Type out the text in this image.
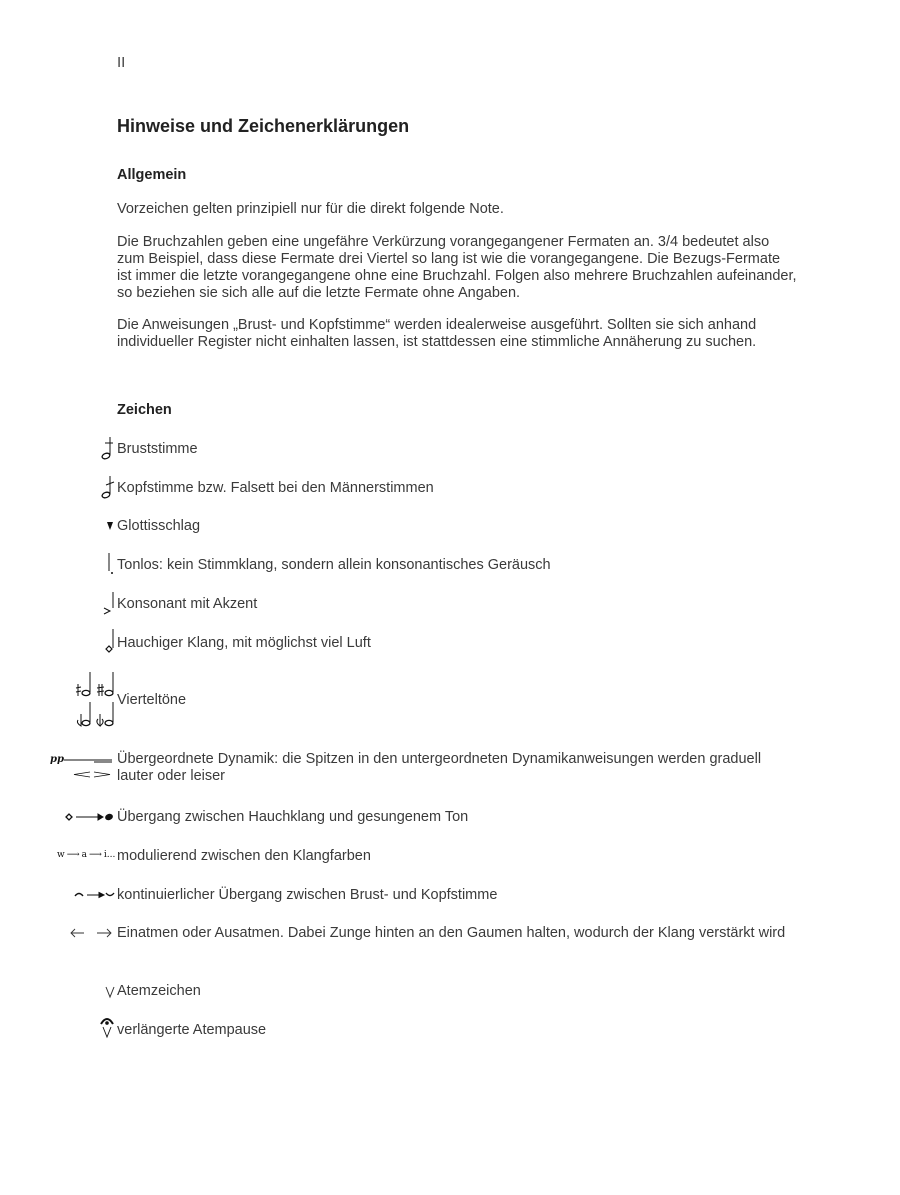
II
Hinweise und Zeichenerklärungen
Allgemein
Vorzeichen gelten prinzipiell nur für die direkt folgende Note.
Die Bruchzahlen geben eine ungefähre Verkürzung vorangegangener Fermaten an. 3/4 bedeutet also zum Beispiel, dass diese Fermate drei Viertel so lang ist wie die vorangegangene. Die Bezugs-Fermate ist immer die letzte vorangegangene ohne eine Bruchzahl. Folgen also mehrere Bruchzahlen aufeinander, so beziehen sie sich alle auf die letzte Fermate ohne Angaben.
Die Anweisungen „Brust- und Kopfstimme“ werden idealerweise ausgeführt. Sollten sie sich anhand individueller Register nicht einhalten lassen, ist stattdessen eine stimmliche Annäherung zu suchen.
Zeichen
Bruststimme
Kopfstimme bzw. Falsett bei den Männerstimmen
Glottisschlag
Tonlos: kein Stimmklang, sondern allein konsonantisches Geräusch
Konsonant mit Akzent
Hauchiger Klang, mit möglichst viel Luft
Vierteltöne
Übergeordnete Dynamik: die Spitzen in den untergeordneten Dynamikanweisungen werden graduell lauter oder leiser
pp
Übergang zwischen Hauchklang und gesungenem Ton
modulierend zwischen den Klangfarben
w ⟶ a ⟶ i...
kontinuierlicher Übergang zwischen Brust- und Kopfstimme
Einatmen oder Ausatmen. Dabei Zunge hinten an den Gaumen halten, wodurch der Klang verstärkt wird
Atemzeichen
verlängerte Atempause
